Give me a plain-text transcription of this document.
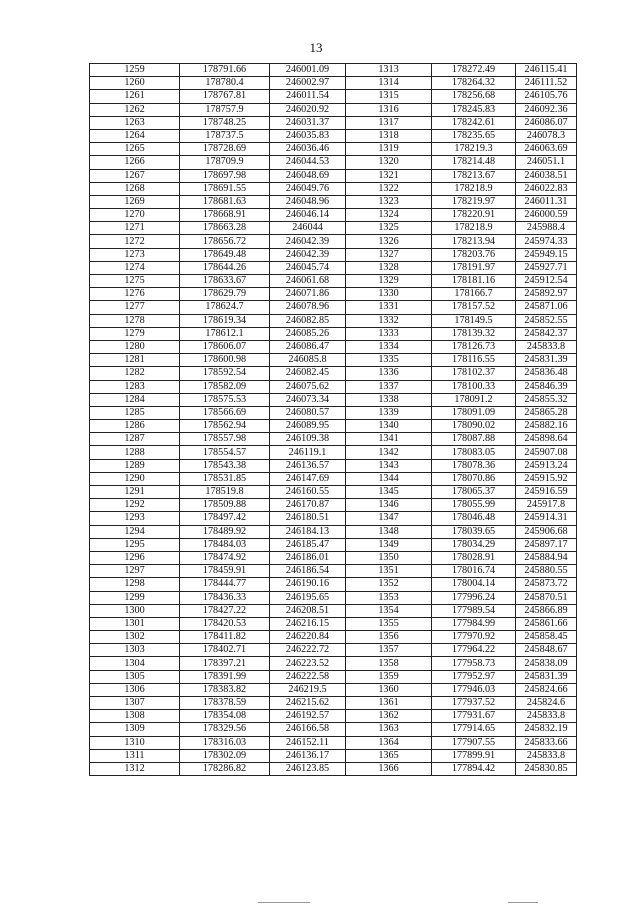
13
1259	178791.66	246001.09	1313	178272.49	246115.41
1260	178780.4	246002.97	1314	178264.32	246111.52
1261	178767.81	246011.54	1315	178256.68	246105.76
1262	178757.9	246020.92	1316	178245.83	246092.36
1263	178748.25	246031.37	1317	178242.61	246086.07
1264	178737.5	246035.83	1318	178235.65	246078.3
1265	178728.69	246036.46	1319	178219.3	246063.69
1266	178709.9	246044.53	1320	178214.48	246051.1
1267	178697.98	246048.69	1321	178213.67	246038.51
1268	178691.55	246049.76	1322	178218.9	246022.83
1269	178681.63	246048.96	1323	178219.97	246011.31
1270	178668.91	246046.14	1324	178220.91	246000.59
1271	178663.28	246044	1325	178218.9	245988.4
1272	178656.72	246042.39	1326	178213.94	245974.33
1273	178649.48	246042.39	1327	178203.76	245949.15
1274	178644.26	246045.74	1328	178191.97	245927.71
1275	178633.67	246061.68	1329	178181.16	245912.54
1276	178629.79	246071.86	1330	178166.7	245892.97
1277	178624.7	246078.96	1331	178157.52	245871.06
1278	178619.34	246082.85	1332	178149.5	245852.55
1279	178612.1	246085.26	1333	178139.32	245842.37
1280	178606.07	246086.47	1334	178126.73	245833.8
1281	178600.98	246085.8	1335	178116.55	245831.39
1282	178592.54	246082.45	1336	178102.37	245836.48
1283	178582.09	246075.62	1337	178100.33	245846.39
1284	178575.53	246073.34	1338	178091.2	245855.32
1285	178566.69	246080.57	1339	178091.09	245865.28
1286	178562.94	246089.95	1340	178090.02	245882.16
1287	178557.98	246109.38	1341	178087.88	245898.64
1288	178554.57	246119.1	1342	178083.05	245907.08
1289	178543.38	246136.57	1343	178078.36	245913.24
1290	178531.85	246147.69	1344	178070.86	245915.92
1291	178519.8	246160.55	1345	178065.37	245916.59
1292	178509.88	246170.87	1346	178055.99	245917.8
1293	178497.42	246180.51	1347	178046.48	245914.31
1294	178489.92	246184.13	1348	178039.65	245906.68
1295	178484.03	246185.47	1349	178034.29	245897.17
1296	178474.92	246186.01	1350	178028.91	245884.94
1297	178459.91	246186.54	1351	178016.74	245880.55
1298	178444.77	246190.16	1352	178004.14	245873.72
1299	178436.33	246195.65	1353	177996.24	245870.51
1300	178427.22	246208.51	1354	177989.54	245866.89
1301	178420.53	246216.15	1355	177984.99	245861.66
1302	178411.82	246220.84	1356	177970.92	245858.45
1303	178402.71	246222.72	1357	177964.22	245848.67
1304	178397.21	246223.52	1358	177958.73	245838.09
1305	178391.99	246222.58	1359	177952.97	245831.39
1306	178383.82	246219.5	1360	177946.03	245824.66
1307	178378.59	246215.62	1361	177937.52	245824.6
1308	178354.08	246192.57	1362	177931.67	245833.8
1309	178329.56	246166.58	1363	177914.65	245832.19
1310	178316.03	246152.11	1364	177907.55	245833.66
1311	178302.09	246136.17	1365	177899.91	245833.8
1312	178286.82	246123.85	1366	177894.42	245830.85
